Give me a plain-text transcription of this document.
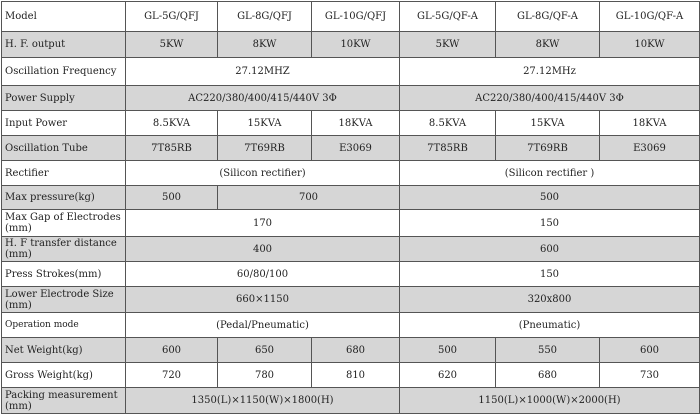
Model	GL-5G/QFJ	GL-8G/QFJ	GL-10G/QFJ	GL-5G/QF-A	GL-8G/QF-A	GL-10G/QF-A
H. F. output	5KW	8KW	10KW	5KW	8KW	10KW
Oscillation Frequency	27.12MHZ			27.12MHz		
Power Supply	AC220/380/400/415/440V 3Φ			AC220/380/400/415/440V 3Φ		
Input Power	8.5KVA	15KVA	18KVA	8.5KVA	15KVA	18KVA
Oscillation Tube	7T85RB	7T69RB	E3069	7T85RB	7T69RB	E3069
Rectifier	(Silicon rectifier)			(Silicon rectifier )		
Max pressure(kg)	500	700		500		
Max Gap of Electrodes (mm)	170			150		
H. F transfer distance (mm)	400			600		
Press Strokes(mm)	60/80/100			150		
Lower Electrode Size (mm)	660×1150			320x800		
Operation mode	(Pedal/Pneumatic)			(Pneumatic)		
Net Weight(kg)	600	650	680	500	550	600
Gross Weight(kg)	720	780	810	620	680	730
Packing measurement (mm)	1350(L)×1150(W)×1800(H)			1150(L)×1000(W)×2000(H)		
